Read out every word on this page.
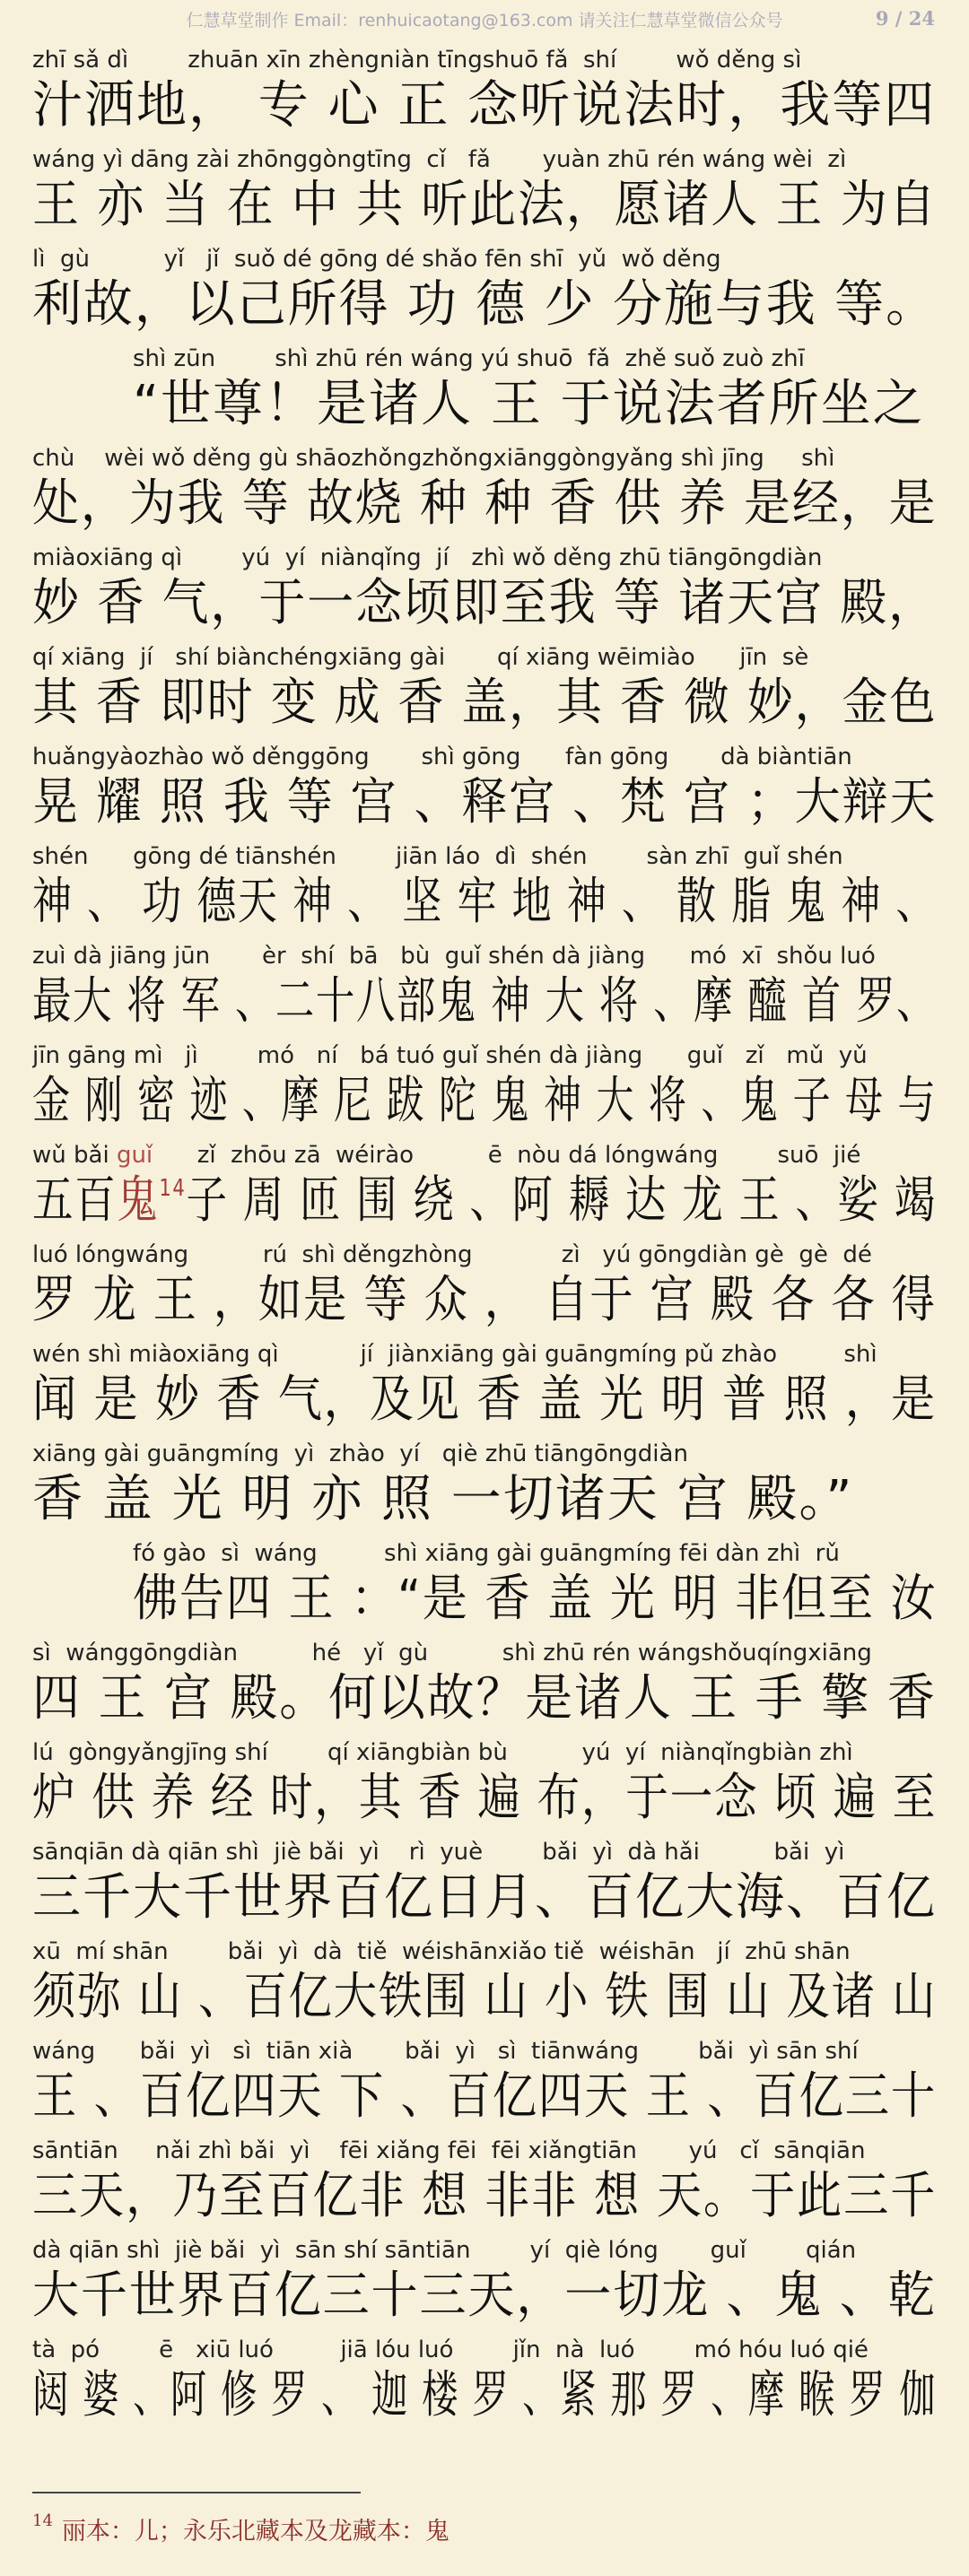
仁慧草堂制作 Email：renhuicaotang@163.com 请关注仁慧草堂微信公众号	9 / 24
zhī sǎ dì        zhuān xīn zhèngniàn tīngshuō fǎ  shí        wǒ děng sì
汁洒地， 专 心 正 念听说法时，我等四
wáng yì dāng zài zhōnggòngtīng  cǐ   fǎ       yuàn zhū rén wáng wèi  zì
王 亦 当 在 中 共 听此法，愿诸人 王 为自
lì  gù          yǐ   jǐ  suǒ dé gōng dé shǎo fēn shī  yǔ  wǒ děng
利故，以己所得 功 德 少 分施与我 等。
shì zūn        shì zhū rén wáng yú shuō  fǎ  zhě suǒ zuò zhī
“世尊！是诸人 王 于说法者所坐之
chù    wèi wǒ děng gù shāozhǒngzhǒngxiānggòngyǎng shì jīng     shì
处，为我 等 故烧 种 种 香 供 养 是经，是
miàoxiāng qì        yú  yí  niànqǐng  jí   zhì wǒ děng zhū tiāngōngdiàn
妙 香 气，于一念顷即至我 等 诸天宫 殿，
qí xiāng  jí   shí biànchéngxiāng gài       qí xiāng wēimiào      jīn  sè
其 香 即时 变 成 香 盖，其 香 微 妙，金色
huǎngyàozhào wǒ děnggōng       shì gōng      fàn gōng       dà biàntiān
晃 耀 照 我 等 宫 、释宫 、梵 宫 ；大辩天
shén      gōng dé tiānshén        jiān láo  dì  shén        sàn zhī  guǐ shén
神 、 功 德天 神 、 坚 牢 地 神 、 散 脂 鬼 神 、
zuì dà jiāng jūn       èr  shí  bā   bù  guǐ shén dà jiàng      mó  xī  shǒu luó
最大 将 军 、二十八部鬼 神 大 将 、摩 醯 首 罗、
jīn gāng mì   jì        mó   ní   bá tuó guǐ shén dà jiàng      guǐ   zǐ   mǔ  yǔ
金 刚 密 迹 、摩 尼 跋 陀 鬼 神 大 将 、鬼 子 母 与
wǔ bǎi guǐ      zǐ  zhōu zā  wéirào          ē  nòu dá lóngwáng        suō  jié
五百鬼$^{14}$子 周 匝 围 绕 、阿 耨 达 龙 王 、娑 竭
luó lóngwáng          rú  shì děngzhòng            zì   yú gōngdiàn gè  gè  dé
罗 龙 王 ，如是 等 众 ， 自于 宫 殿 各 各 得
wén shì miàoxiāng qì           jí  jiànxiāng gài guāngmíng pǔ zhào         shì
闻 是 妙 香 气，及见 香 盖 光 明 普 照 ，是
xiāng gài guāngmíng  yì  zhào  yí   qiè zhū tiāngōngdiàn
香 盖 光 明 亦 照 一切诸天 宫 殿。”
fó gào  sì  wáng         shì xiāng gài guāngmíng fēi dàn zhì  rǔ
佛告四 王 ：“是 香 盖 光 明 非但至 汝
sì  wánggōngdiàn          hé   yǐ  gù          shì zhū rén wángshǒuqíngxiāng
四 王 宫 殿。何以故？是诸人 王 手 擎 香
lú  gòngyǎngjīng shí        qí xiāngbiàn bù          yú  yí  niànqǐngbiàn zhì
炉 供 养 经 时，其 香 遍 布，于一念 顷 遍 至
sānqiān dà qiān shì  jiè bǎi  yì    rì  yuè        bǎi  yì  dà hǎi          bǎi  yì
三千大千世界百亿日月、百亿大海、百亿
xū  mí shān        bǎi  yì  dà  tiě  wéishānxiǎo tiě  wéishān   jí  zhū shān
须弥 山 、百亿大铁围 山 小 铁 围 山 及诸 山
wáng      bǎi  yì   sì  tiān xià       bǎi  yì   sì  tiānwáng        bǎi  yì sān shí
王 、百亿四天 下 、百亿四天 王 、百亿三十
sāntiān     nǎi zhì bǎi  yì    fēi xiǎng fēi  fēi xiǎngtiān       yú   cǐ  sānqiān
三天，乃至百亿非 想 非非 想 天。于此三千
dà qiān shì  jiè bǎi  yì  sān shí sāntiān        yí  qiè lóng       guǐ        qián
大千世界百亿三十三天，一切龙 、鬼 、乾
tà  pó        ē   xiū luó         jiā lóu luó        jǐn  nà  luó        mó hóu luó qié
闼 婆 、阿 修 罗 、 迦 楼 罗 、紧 那 罗 、摩 睺 罗 伽
$^{14}$ 丽本：儿；永乐北藏本及龙藏本：鬼
